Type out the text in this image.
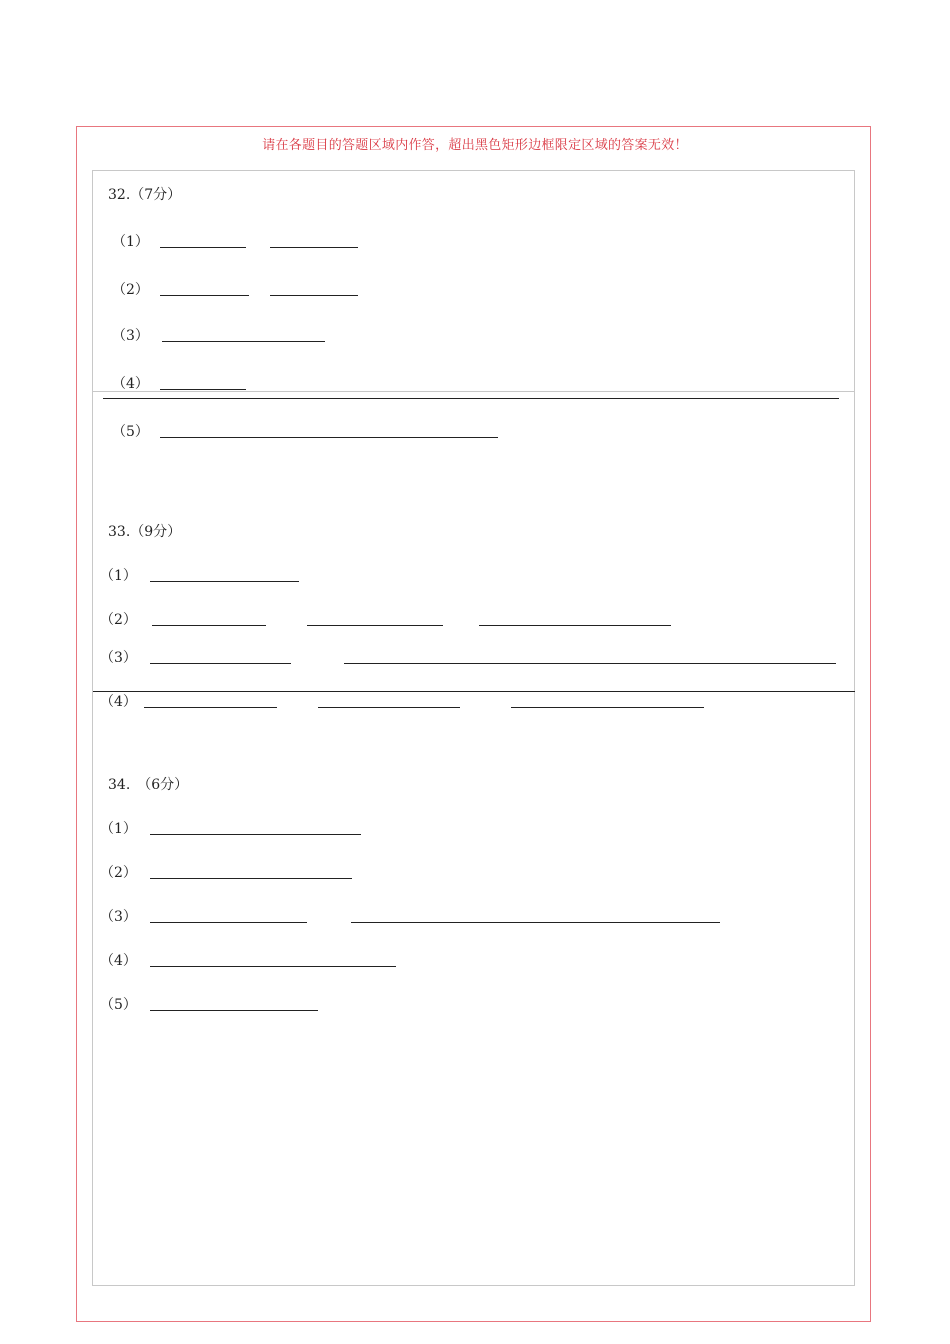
请在各题目的答题区域内作答，超出黑色矩形边框限定区域的答案无效！
32.（7分）
（1）
（2）
（3）
（4）
（5）
33.（9分）
（1）
（2）
（3）
（4）
34.　（6分）
（1）
（2）
（3）
（4）
（5）
